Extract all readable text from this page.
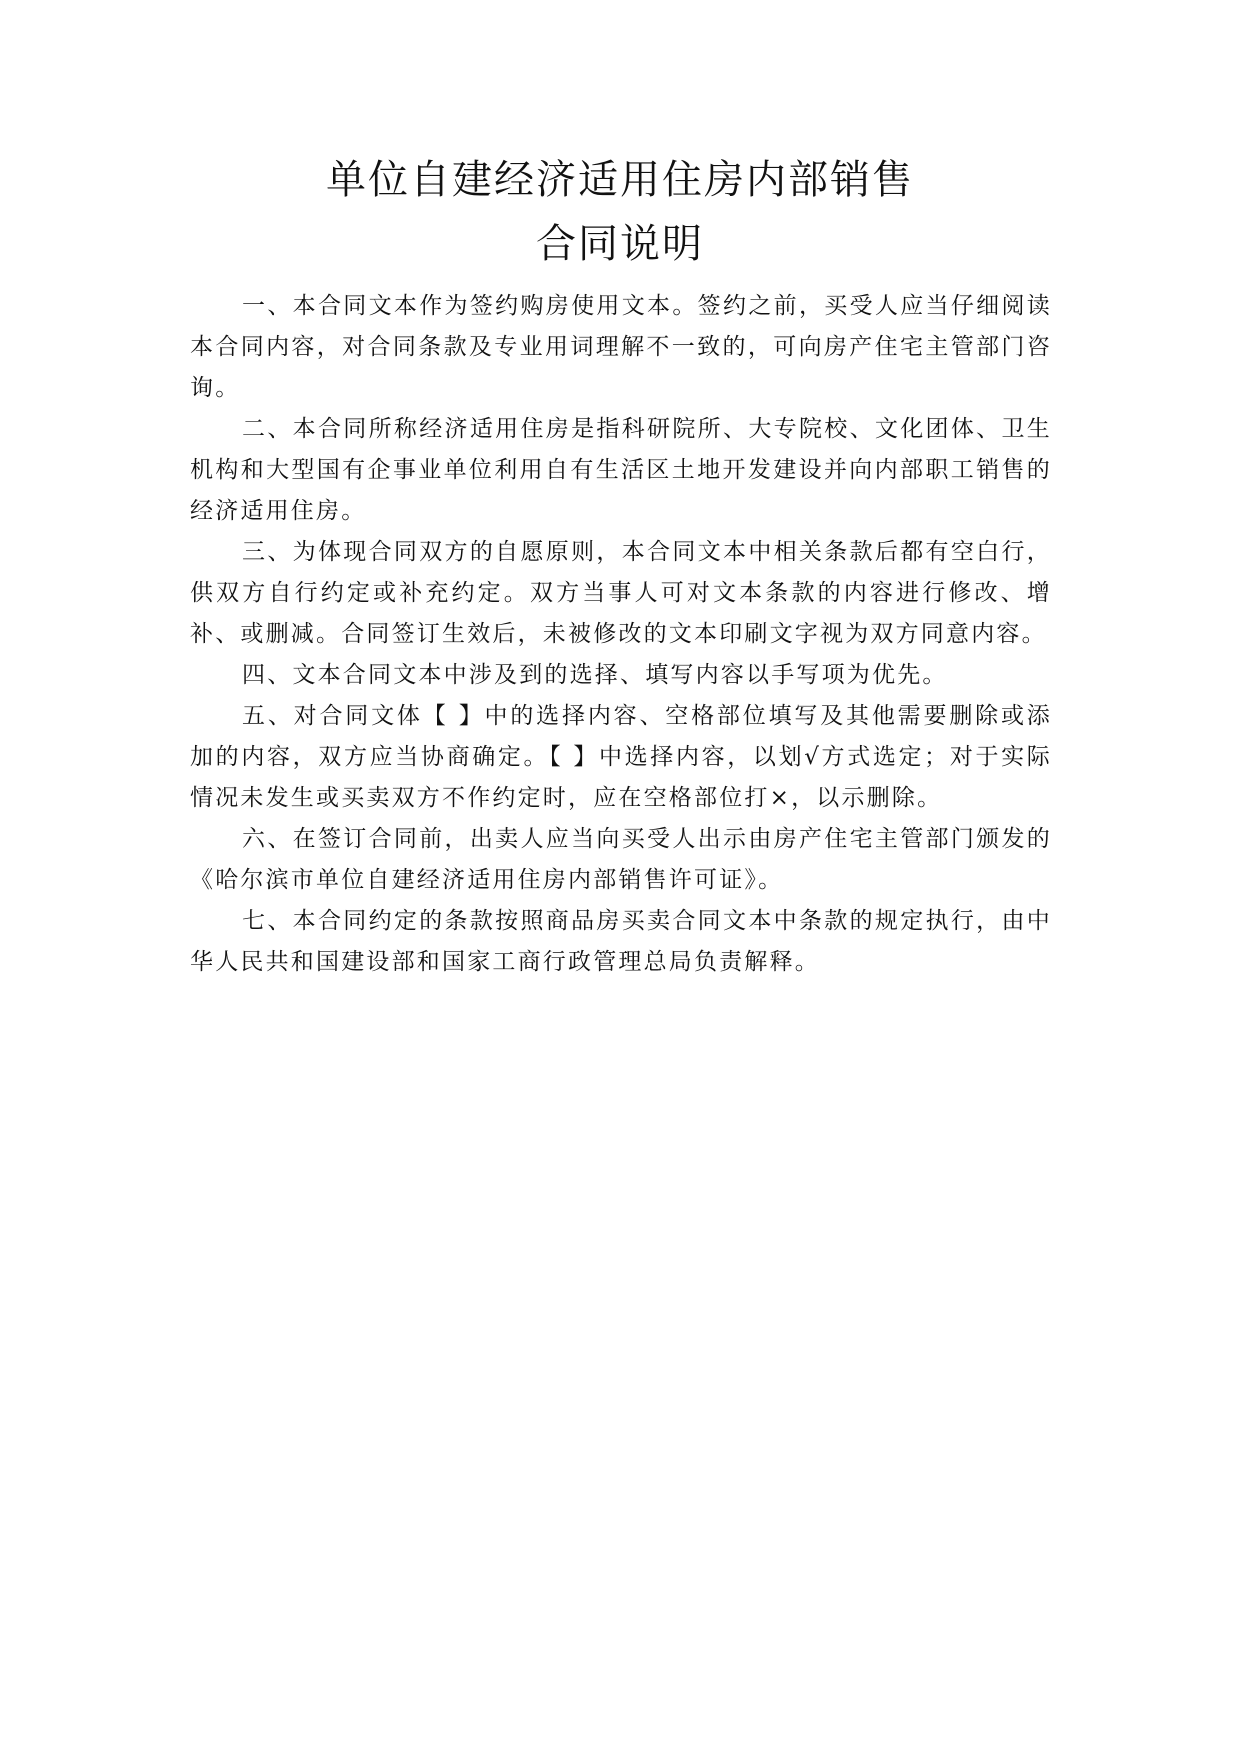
单位自建经济适用住房内部销售
合同说明

一、本合同文本作为签约购房使用文本。签约之前，买受人应当仔细阅读本合同内容，对合同条款及专业用词理解不一致的，可向房产住宅主管部门咨询。

二、本合同所称经济适用住房是指科研院所、大专院校、文化团体、卫生机构和大型国有企事业单位利用自有生活区土地开发建设并向内部职工销售的经济适用住房。

三、为体现合同双方的自愿原则，本合同文本中相关条款后都有空白行，供双方自行约定或补充约定。双方当事人可对文本条款的内容进行修改、增补、或删减。合同签订生效后，未被修改的文本印刷文字视为双方同意内容。

四、文本合同文本中涉及到的选择、填写内容以手写项为优先。

五、对合同文体【 】中的选择内容、空格部位填写及其他需要删除或添加的内容，双方应当协商确定。【 】中选择内容，以划√方式选定；对于实际情况未发生或买卖双方不作约定时，应在空格部位打×，以示删除。

六、在签订合同前，出卖人应当向买受人出示由房产住宅主管部门颁发的《哈尔滨市单位自建经济适用住房内部销售许可证》。

七、本合同约定的条款按照商品房买卖合同文本中条款的规定执行，由中华人民共和国建设部和国家工商行政管理总局负责解释。
